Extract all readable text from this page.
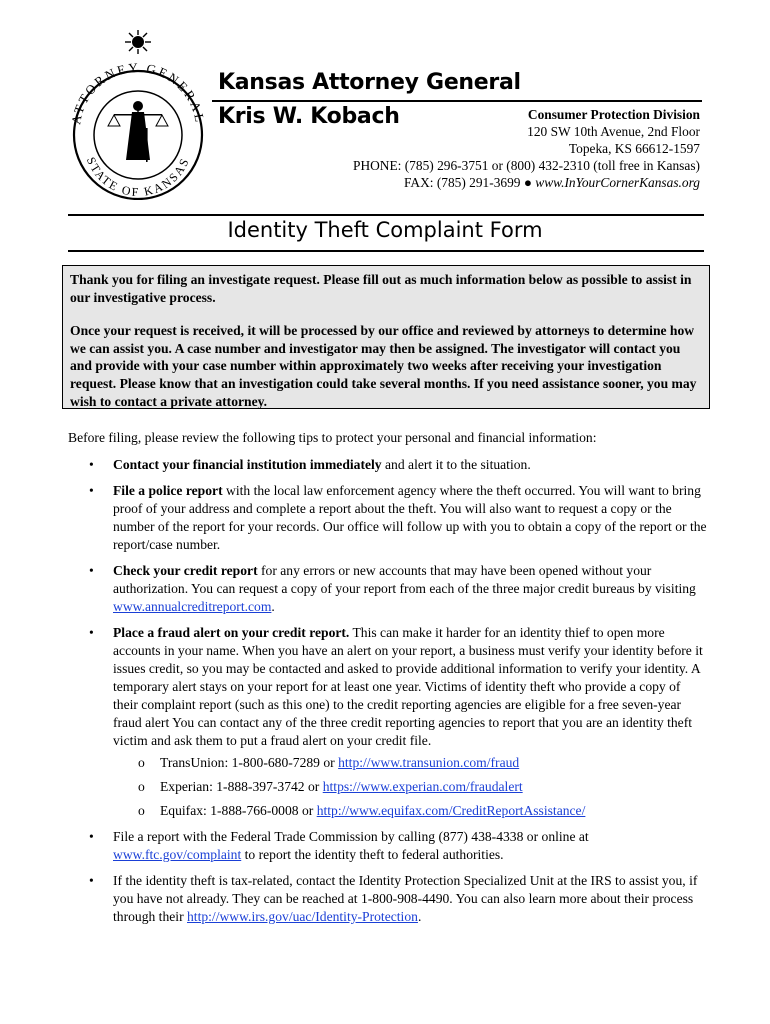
ATTORNEY GENERAL
STATE OF KANSAS
Kansas Attorney General
Kris W. Kobach	Consumer Protection Division
120 SW 10th Avenue, 2nd Floor
Topeka, KS 66612-1597
PHONE: (785) 296-3751 or (800) 432-2310 (toll free in Kansas)
FAX: (785) 291-3699 ● www.InYourCornerKansas.org
Identity Theft Complaint Form

Thank you for filing an investigate request. Please fill out as much information below as possible to assist in our investigative process.

Once your request is received, it will be processed by our office and reviewed by attorneys to determine how we can assist you. A case number and investigator may then be assigned. The investigator will contact you and provide with your case number within approximately two weeks after receiving your investigation request. Please know that an investigation could take several months. If you need assistance sooner, you may wish to contact a private attorney.

Before filing, please review the following tips to protect your personal and financial information:
• Contact your financial institution immediately and alert it to the situation.
• File a police report with the local law enforcement agency where the theft occurred. You will want to bring proof of your address and complete a report about the theft. You will also want to request a copy or the number of the report for your records. Our office will follow up with you to obtain a copy of the report or the report/case number.
• Check your credit report for any errors or new accounts that may have been opened without your authorization. You can request a copy of your report from each of the three major credit bureaus by visiting www.annualcreditreport.com.
• Place a fraud alert on your credit report. This can make it harder for an identity thief to open more accounts in your name. When you have an alert on your report, a business must verify your identity before it issues credit, so you may be contacted and asked to provide additional information to verify your identity. A temporary alert stays on your report for at least one year. Victims of identity theft who provide a copy of their complaint report (such as this one) to the credit reporting agencies are eligible for a free seven-year fraud alert You can contact any of the three credit reporting agencies to report that you are an identity theft victim and ask them to put a fraud alert on your credit file.
o TransUnion: 1-800-680-7289 or http://www.transunion.com/fraud
o Experian: 1-888-397-3742 or https://www.experian.com/fraudalert
o Equifax: 1-888-766-0008 or http://www.equifax.com/CreditReportAssistance/
• File a report with the Federal Trade Commission by calling (877) 438-4338 or online at www.ftc.gov/complaint to report the identity theft to federal authorities.
• If the identity theft is tax-related, contact the Identity Protection Specialized Unit at the IRS to assist you, if you have not already. They can be reached at 1-800-908-4490. You can also learn more about their process through their http://www.irs.gov/uac/Identity-Protection.
